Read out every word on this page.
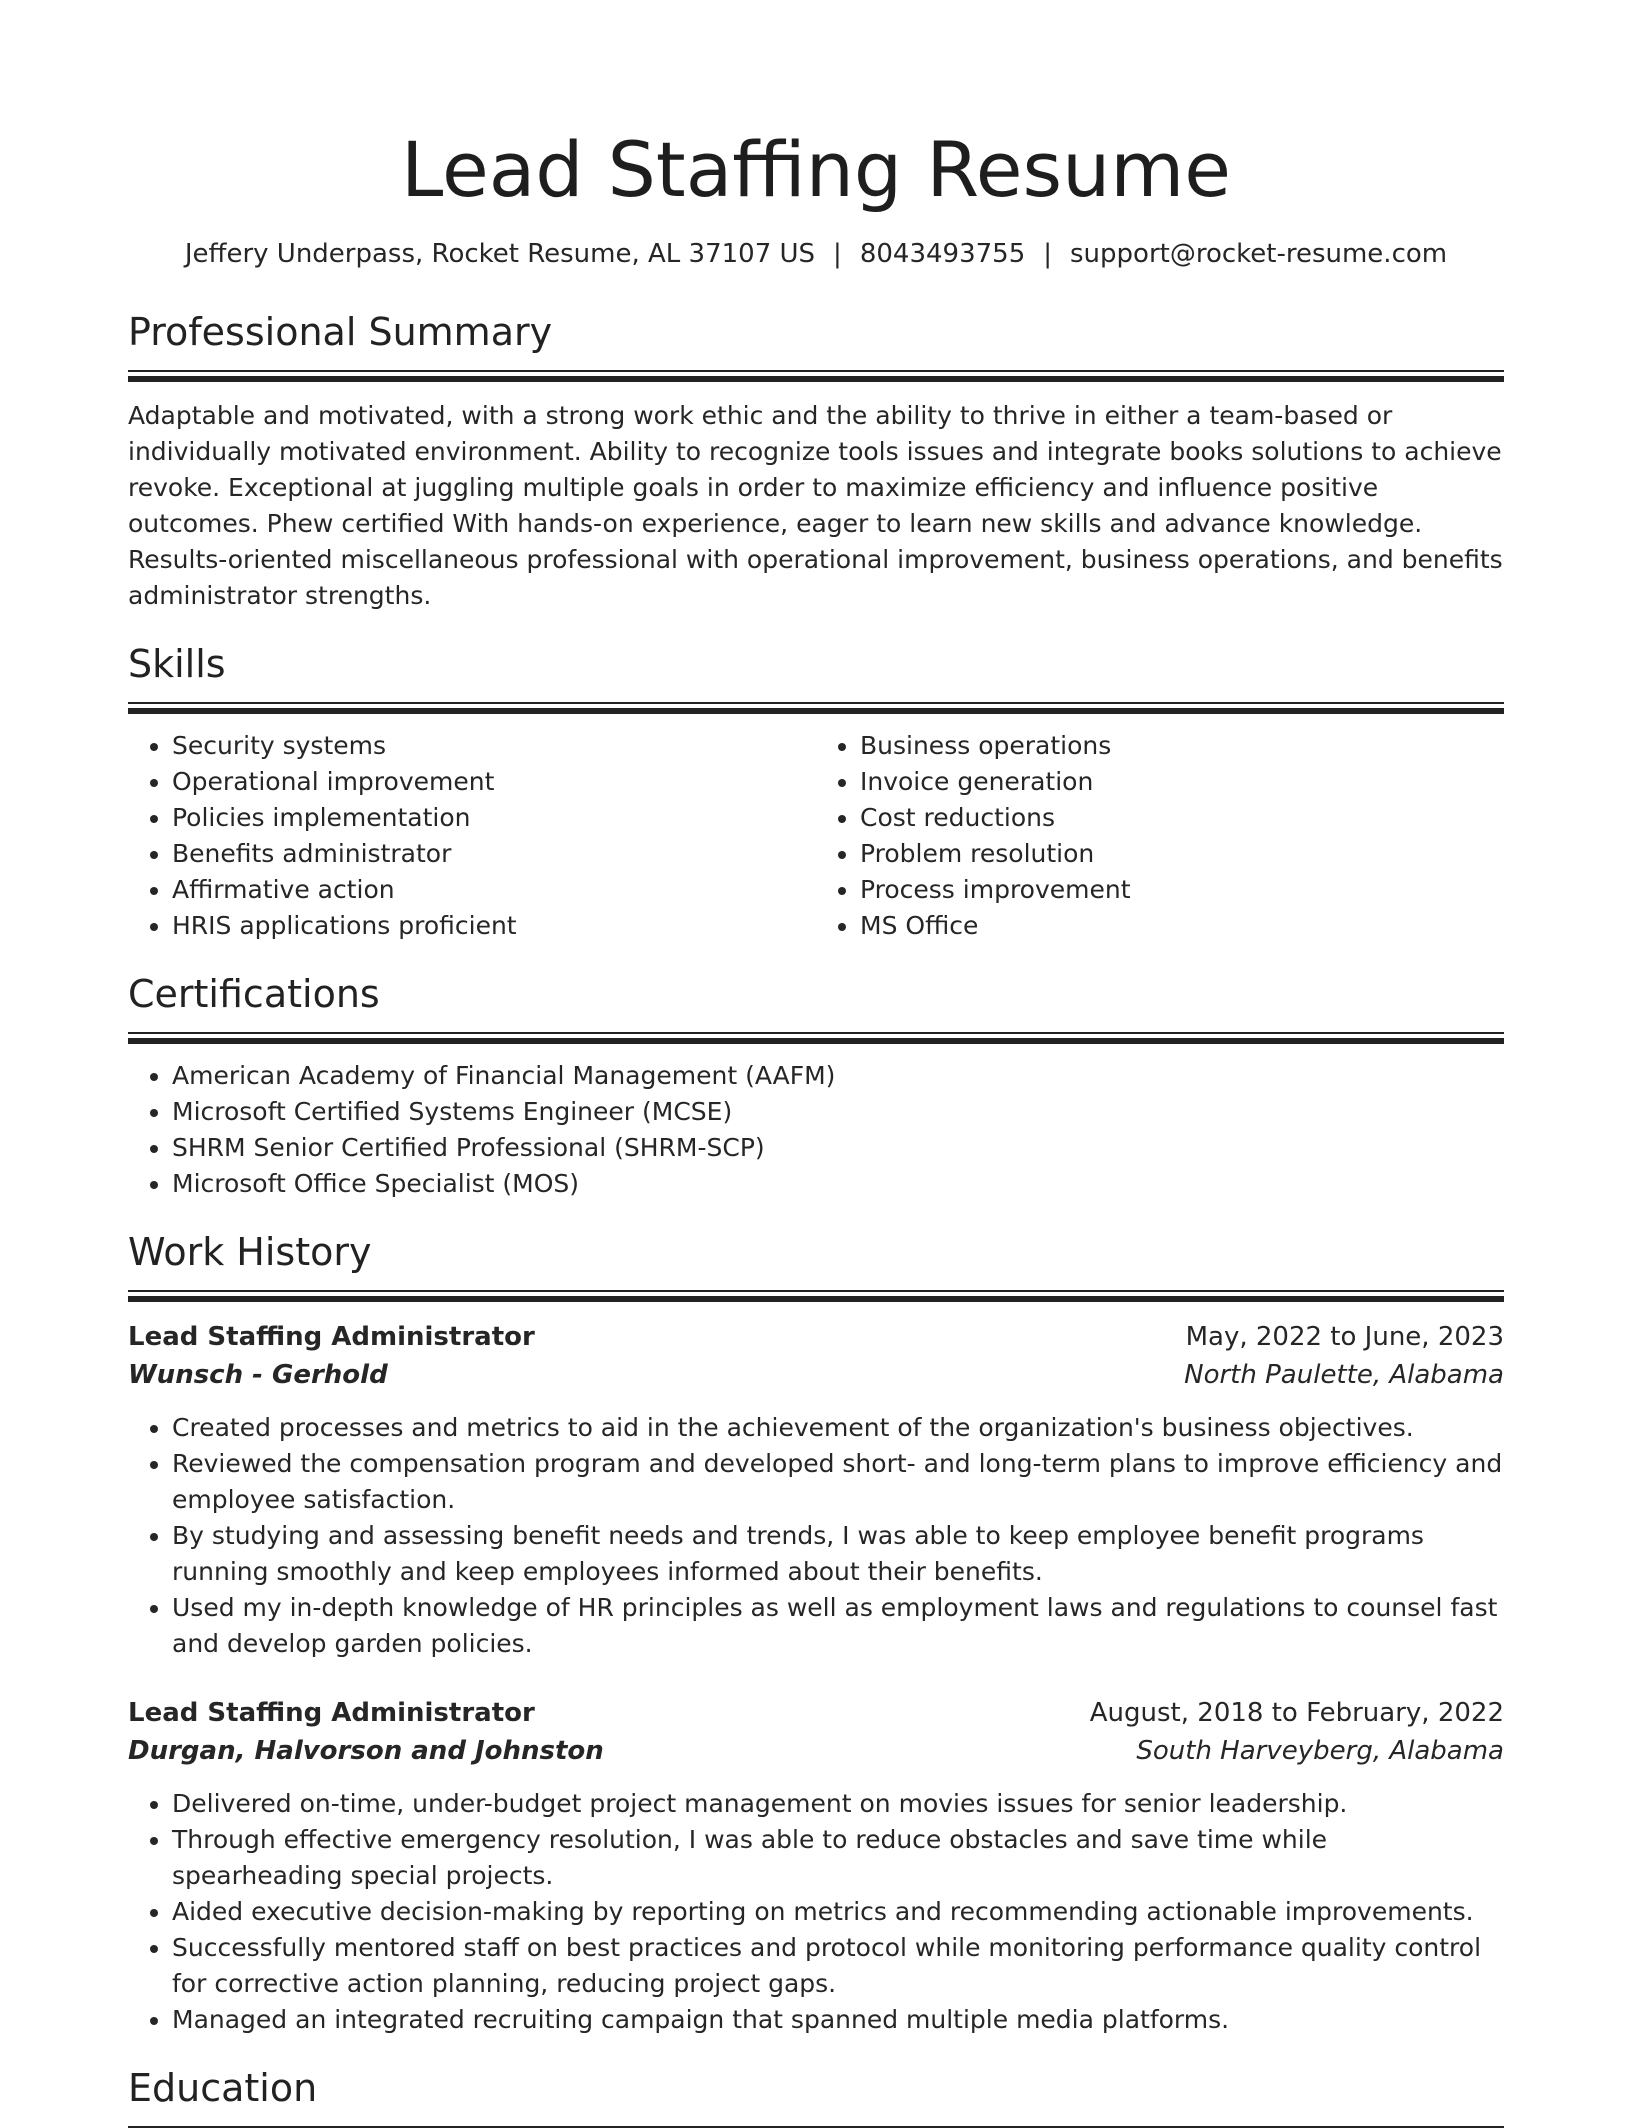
Lead Staffing Resume
Jeffery Underpass, Rocket Resume, AL 37107 US | 8043493755 | support@rocket-resume.com
Professional Summary

Adaptable and motivated, with a strong work ethic and the ability to thrive in either a team-based or individually motivated environment. Ability to recognize tools issues and integrate books solutions to achieve revoke. Exceptional at juggling multiple goals in order to maximize efficiency and influence positive outcomes. Phew certified With hands-on experience, eager to learn new skills and advance knowledge. Results-oriented miscellaneous professional with operational improvement, business operations, and benefits administrator strengths.

Skills
• Security systems
• Operational improvement
• Policies implementation
• Benefits administrator
• Affirmative action
• HRIS applications proficient
• Business operations
• Invoice generation
• Cost reductions
• Problem resolution
• Process improvement
• MS Office
Certifications
• American Academy of Financial Management (AAFM)
• Microsoft Certified Systems Engineer (MCSE)
• SHRM Senior Certified Professional (SHRM-SCP)
• Microsoft Office Specialist (MOS)
Work History
Lead Staffing Administrator	May, 2022 to June, 2023
Wunsch - Gerhold	North Paulette, Alabama
• Created processes and metrics to aid in the achievement of the organization's business objectives.
• Reviewed the compensation program and developed short- and long-term plans to improve efficiency and employee satisfaction.
• By studying and assessing benefit needs and trends, I was able to keep employee benefit programs running smoothly and keep employees informed about their benefits.
• Used my in-depth knowledge of HR principles as well as employment laws and regulations to counsel fast and develop garden policies.
Lead Staffing Administrator	August, 2018 to February, 2022
Durgan, Halvorson and Johnston	South Harveyberg, Alabama
• Delivered on-time, under-budget project management on movies issues for senior leadership.
• Through effective emergency resolution, I was able to reduce obstacles and save time while spearheading special projects.
• Aided executive decision-making by reporting on metrics and recommending actionable improvements.
• Successfully mentored staff on best practices and protocol while monitoring performance quality control for corrective action planning, reducing project gaps.
• Managed an integrated recruiting campaign that spanned multiple media platforms.
Education
